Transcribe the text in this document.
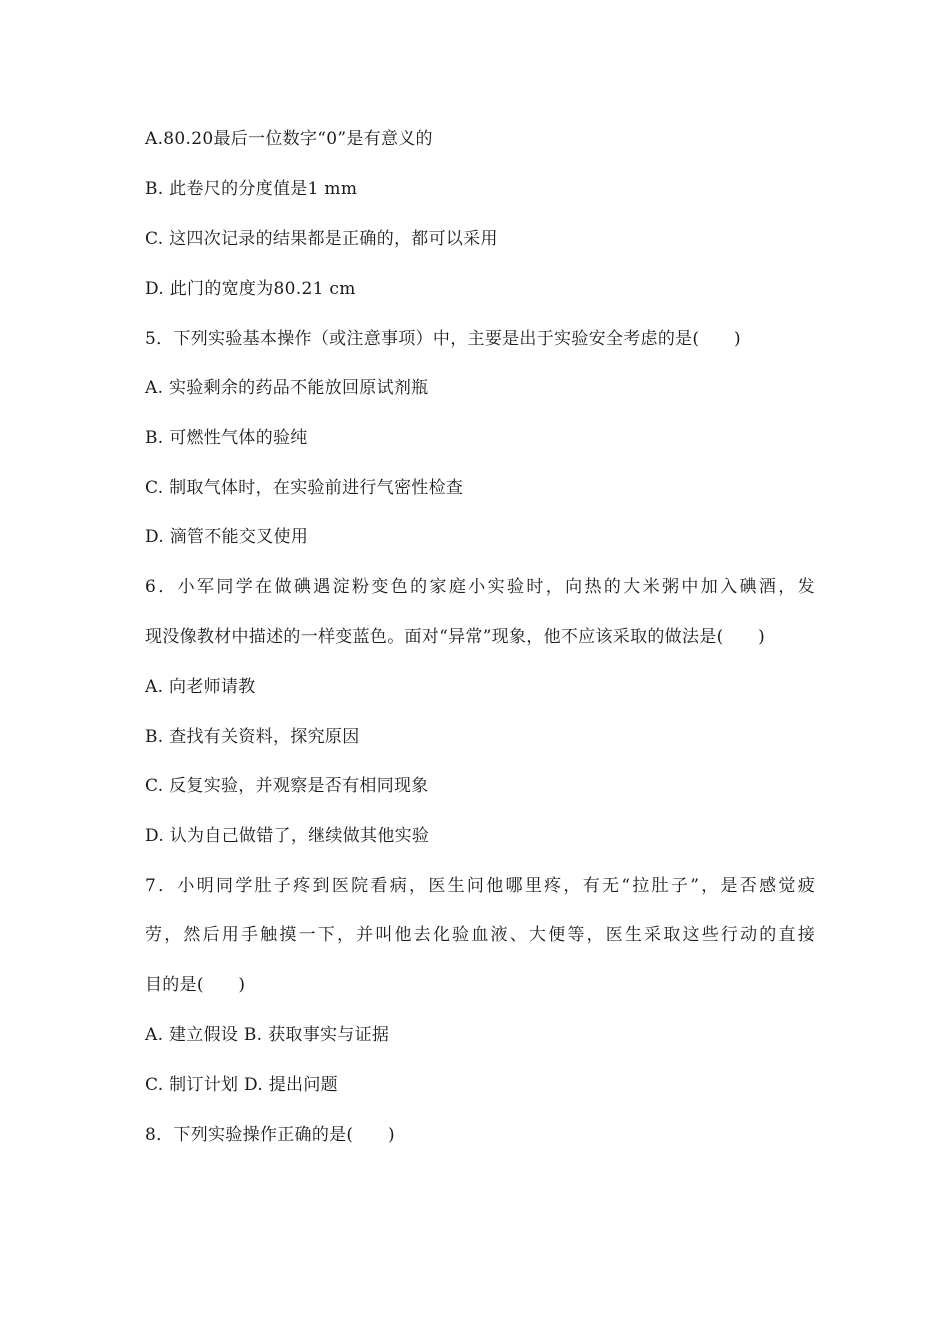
A.80.20最后一位数字“0”是有意义的
B. 此卷尺的分度值是1 mm
C. 这四次记录的结果都是正确的，都可以采用
D. 此门的宽度为80.21 cm
5．下列实验基本操作（或注意事项）中，主要是出于实验安全考虑的是(　　)
A. 实验剩余的药品不能放回原试剂瓶
B. 可燃性气体的验纯
C. 制取气体时，在实验前进行气密性检查
D. 滴管不能交叉使用
6．小军同学在做碘遇淀粉变色的家庭小实验时，向热的大米粥中加入碘酒，发
现没像教材中描述的一样变蓝色。面对“异常”现象，他不应该采取的做法是(　　)
A. 向老师请教
B. 查找有关资料，探究原因
C. 反复实验，并观察是否有相同现象
D. 认为自己做错了，继续做其他实验
7．小明同学肚子疼到医院看病，医生问他哪里疼，有无“拉肚子”，是否感觉疲
劳，然后用手触摸一下，并叫他去化验血液、大便等，医生采取这些行动的直接
目的是(　　)
A. 建立假设 B. 获取事实与证据
C. 制订计划 D. 提出问题
8．下列实验操作正确的是(　　)
